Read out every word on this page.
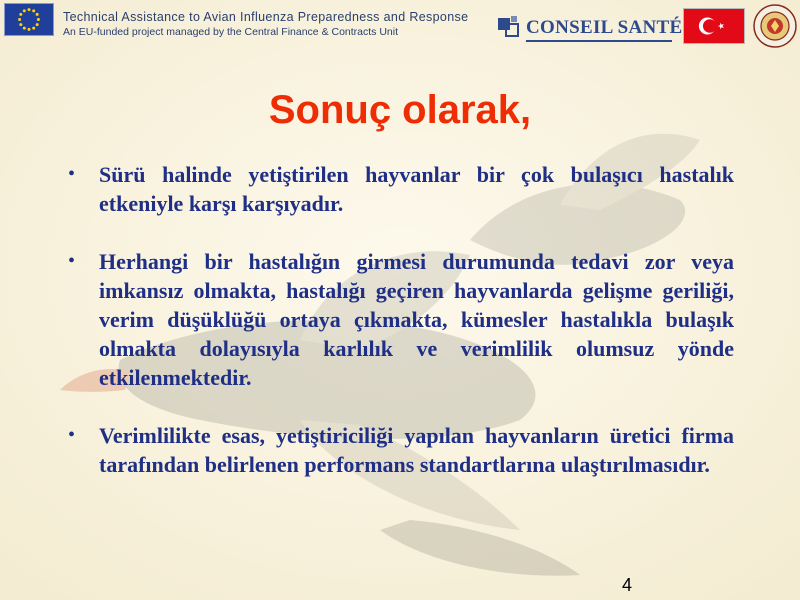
Technical Assistance to Avian Influenza Preparedness and Response
An EU-funded project managed by the Central Finance & Contracts Unit	CONSEIL SANTÉ
Sonuç olarak,
• Sürü halinde yetiştirilen hayvanlar bir çok bulaşıcı hastalık etkeniyle karşı karşıyadır.
• Herhangi bir hastalığın girmesi durumunda tedavi zor veya imkansız olmakta, hastalığı geçiren hayvanlarda gelişme geriliği, verim düşüklüğü ortaya çıkmakta, kümesler hastalıkla bulaşık olmakta dolayısıyla karlılık ve verimlilik olumsuz yönde etkilenmektedir.
• Verimlilikte esas, yetiştiriciliği yapılan hayvanların üretici firma tarafından belirlenen performans standartlarına ulaştırılmasıdır.
4
